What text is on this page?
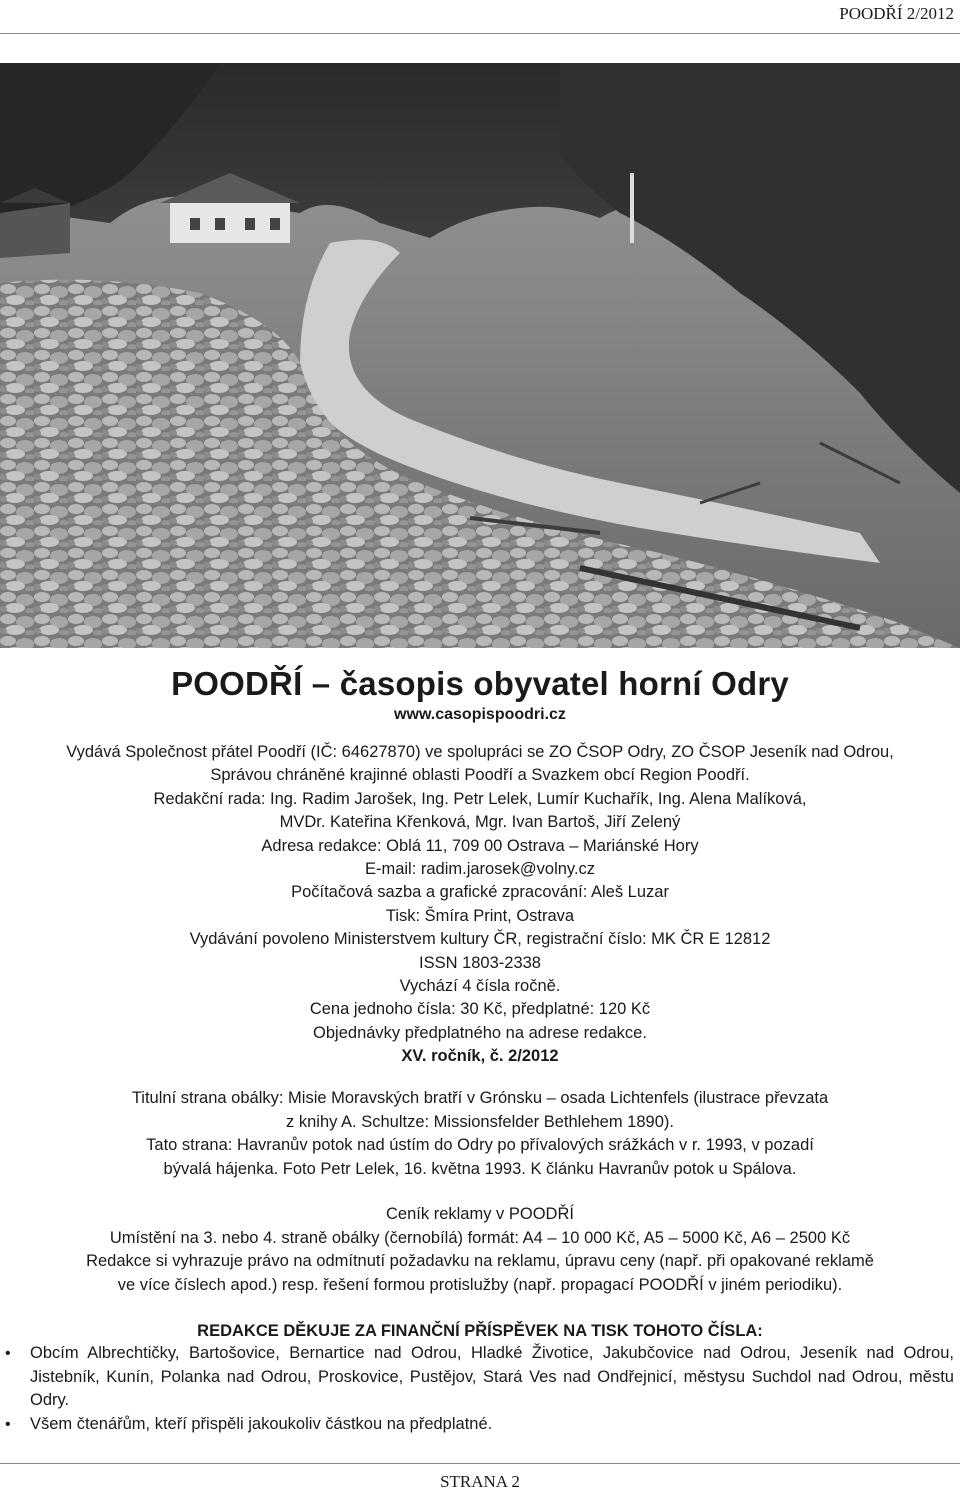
POODŘÍ 2/2012
POODŘÍ – časopis obyvatel horní Odry
www.casopispoodri.cz
Vydává Společnost přátel Poodří (IČ: 64627870) ve spolupráci se ZO ČSOP Odry, ZO ČSOP Jeseník nad Odrou,
Správou chráněné krajinné oblasti Poodří a Svazkem obcí Region Poodří.
Redakční rada: Ing. Radim Jarošek, Ing. Petr Lelek, Lumír Kuchařík, Ing. Alena Malíková,
MVDr. Kateřina Křenková, Mgr. Ivan Bartoš, Jiří Zelený
Adresa redakce: Oblá 11, 709 00 Ostrava – Mariánské Hory
E-mail: radim.jarosek@volny.cz
Počítačová sazba a grafické zpracování: Aleš Luzar
Tisk: Šmíra Print, Ostrava
Vydávání povoleno Ministerstvem kultury ČR, registrační číslo: MK ČR E 12812
ISSN 1803-2338
Vychází 4 čísla ročně.
Cena jednoho čísla: 30 Kč, předplatné: 120 Kč
Objednávky předplatného na adrese redakce.
XV. ročník, č. 2/2012
Titulní strana obálky: Misie Moravských bratří v Grónsku – osada Lichtenfels (ilustrace převzata
z knihy A. Schultze: Missionsfelder Bethlehem 1890).
Tato strana: Havranův potok nad ústím do Odry po přívalových srážkách v r. 1993, v pozadí
bývalá hájenka. Foto Petr Lelek, 16. května 1993. K článku Havranův potok u Spálova.
Ceník reklamy v POODŘÍ
Umístění na 3. nebo 4. straně obálky (černobílá) formát: A4 – 10 000 Kč, A5 – 5000 Kč, A6 – 2500 Kč
Redakce si vyhrazuje právo na odmítnutí požadavku na reklamu, úpravu ceny (např. při opakované reklamě
ve více číslech apod.) resp. řešení formou protislužby (např. propagací POODŘÍ v jiném periodiku).
REDAKCE DĚKUJE ZA FINANČNÍ PŘÍSPĚVEK NA TISK TOHOTO ČÍSLA:
• Obcím Albrechtičky, Bartošovice, Bernartice nad Odrou, Hladké Životice, Jakubčovice nad Odrou, Jeseník nad Odrou, Jistebník, Kunín, Polanka nad Odrou, Proskovice, Pustějov, Stará Ves nad Ondřejnicí, městysu Suchdol nad Odrou, městu Odry.
• Všem čtenářům, kteří přispěli jakoukoliv částkou na předplatné.
STRANA 2
